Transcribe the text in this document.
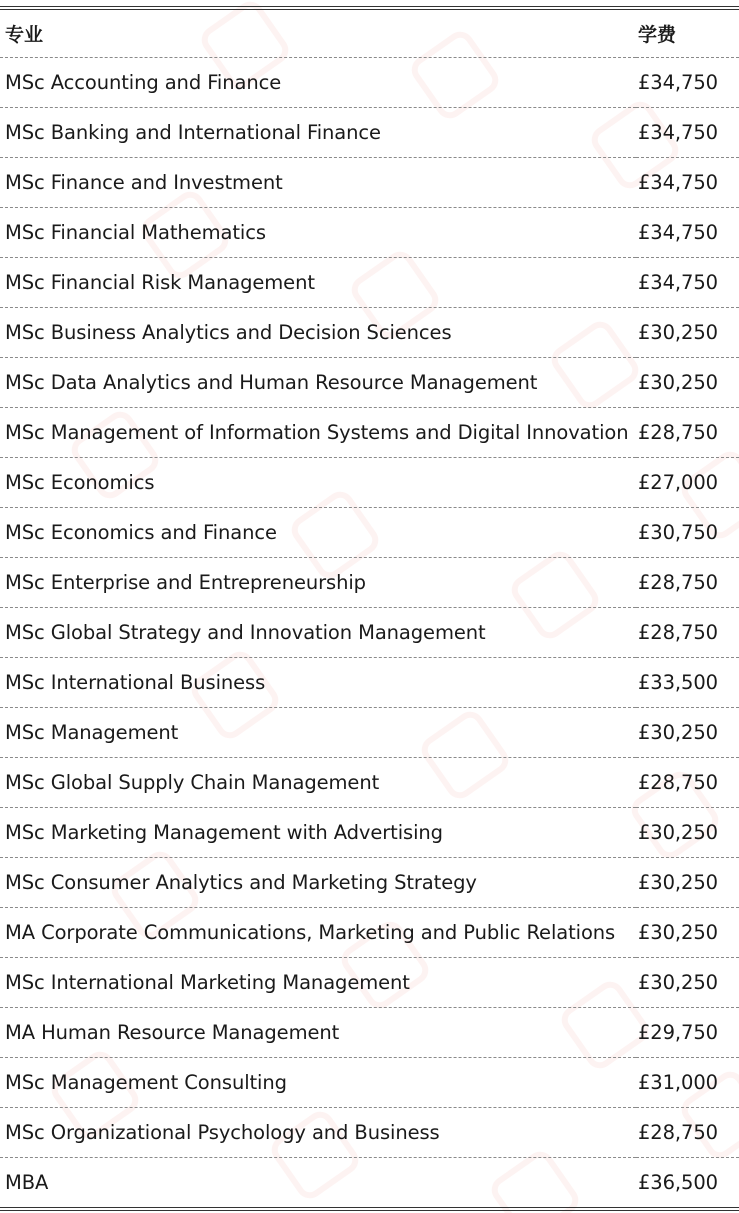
专业	学费
MSc Accounting and Finance	£34,750
MSc Banking and International Finance	£34,750
MSc Finance and Investment	£34,750
MSc Financial Mathematics	£34,750
MSc Financial Risk Management	£34,750
MSc Business Analytics and Decision Sciences	£30,250
MSc Data Analytics and Human Resource Management	£30,250
MSc Management of Information Systems and Digital Innovation	£28,750
MSc Economics	£27,000
MSc Economics and Finance	£30,750
MSc Enterprise and Entrepreneurship	£28,750
MSc Global Strategy and Innovation Management	£28,750
MSc International Business	£33,500
MSc Management	£30,250
MSc Global Supply Chain Management	£28,750
MSc Marketing Management with Advertising	£30,250
MSc Consumer Analytics and Marketing Strategy	£30,250
MA Corporate Communications, Marketing and Public Relations	£30,250
MSc International Marketing Management	£30,250
MA Human Resource Management	£29,750
MSc Management Consulting	£31,000
MSc Organizational Psychology and Business	£28,750
MBA	£36,500
